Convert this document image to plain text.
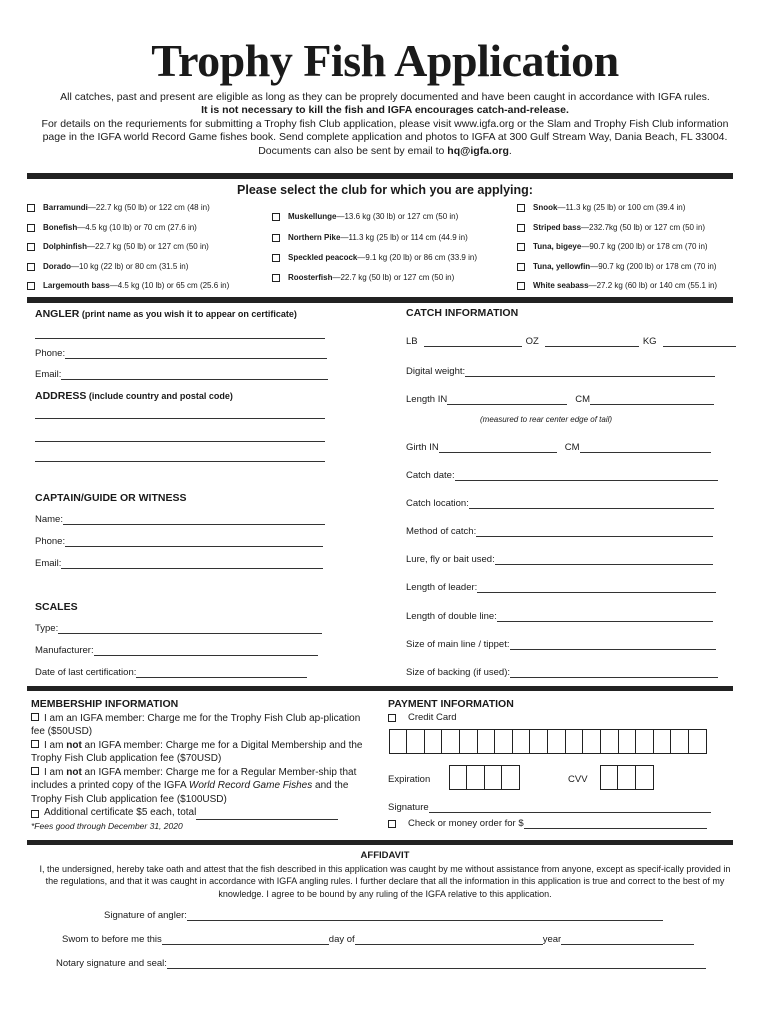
Trophy Fish Application
All catches, past and present are eligible as long as they can be proprely documented and have been caught in accordance with IGFA rules.
It is not necessary to kill the fish and IGFA encourages catch-and-release.
For details on the requriements for submitting a Trophy fish Club application, please visit www.igfa.org or the Slam and Trophy Fish Club information page in the IGFA world Record Game fishes book. Send complete application and photos to IGFA at 300 Gulf Stream Way, Dania Beach, FL 33004.
Documents can also be sent by email to hq@igfa.org.
Please select the club for which you are applying:
Barramundi —22.7 kg (50 lb) or 122 cm (48 in)
Bonefish —4.5 kg (10 lb) or 70 cm (27.6 in)
Dolphinfish —22.7 kg (50 lb) or 127 cm (50 in)
Dorado —10 kg (22 lb) or 80 cm (31.5 in)
Largemouth bass —4.5 kg (10 lb) or 65 cm (25.6 in)
Muskellunge —13.6 kg (30 lb) or 127 cm (50 in)
Northern Pike —11.3 kg (25 lb) or 114 cm (44.9 in)
Speckled peacock —9.1 kg (20 lb) or 86 cm (33.9 in)
Roosterfish —22.7 kg (50 lb) or 127 cm (50 in)
Snook —11.3 kg (25 lb) or 100 cm (39.4 in)
Striped bass —232.7kg (50 lb) or 127 cm (50 in)
Tuna, bigeye —90.7 kg (200 lb) or 178 cm (70 in)
Tuna, yellowfin —90.7 kg (200 lb) or 178 cm (70 in)
White seabass —27.2 kg (60 lb) or 140 cm (55.1 in)
ANGLER (print name as you wish it to appear on certificate)
Phone:
Email:
ADDRESS (include country and postal code)
CAPTAIN/GUIDE OR WITNESS
Name:
Phone:
Email:
SCALES
Type:
Manufacturer:
Date of last certification:
CATCH INFORMATION
LB	OZ	KG
Digital weight:
Length IN	CM
(measured to rear center edge of tail)
Girth IN	CM
Catch date:
Catch location:
Method of catch:
Lure, fly or bait used:
Length of leader:
Length of double line:
Size of main line / tippet:
Size of backing (if used):
MEMBERSHIP INFORMATION
I am an IGFA member: Charge me for the Trophy Fish Club ap-plication fee ($50USD)
I am not an IGFA member: Charge me for a Digital Membership and the Trophy Fish Club application fee ($70USD)
I am not an IGFA member: Charge me for a Regular Member-ship that includes a printed copy of the IGFA World Record Game Fishes and the Trophy Fish Club application fee ($100USD)
Additional certificate $5 each, total
*Fees good through December 31, 2020
PAYMENT INFORMATION
Credit Card
Expiration	CVV
Signature
Check or money order for $
AFFIDAVIT
I, the undersigned, hereby take oath and attest that the fish described in this application was caught by me without assistance from anyone, except as specif-ically provided in the regulations, and that it was caught in accordance with IGFA angling rules. I further declare that all the information in this application is true and correct to the best of my knowledge. I agree to be bound by any ruling of the IGFA relative to this application.
Signature of angler:
Swom to before me this	day of	year
Notary signature and seal:
